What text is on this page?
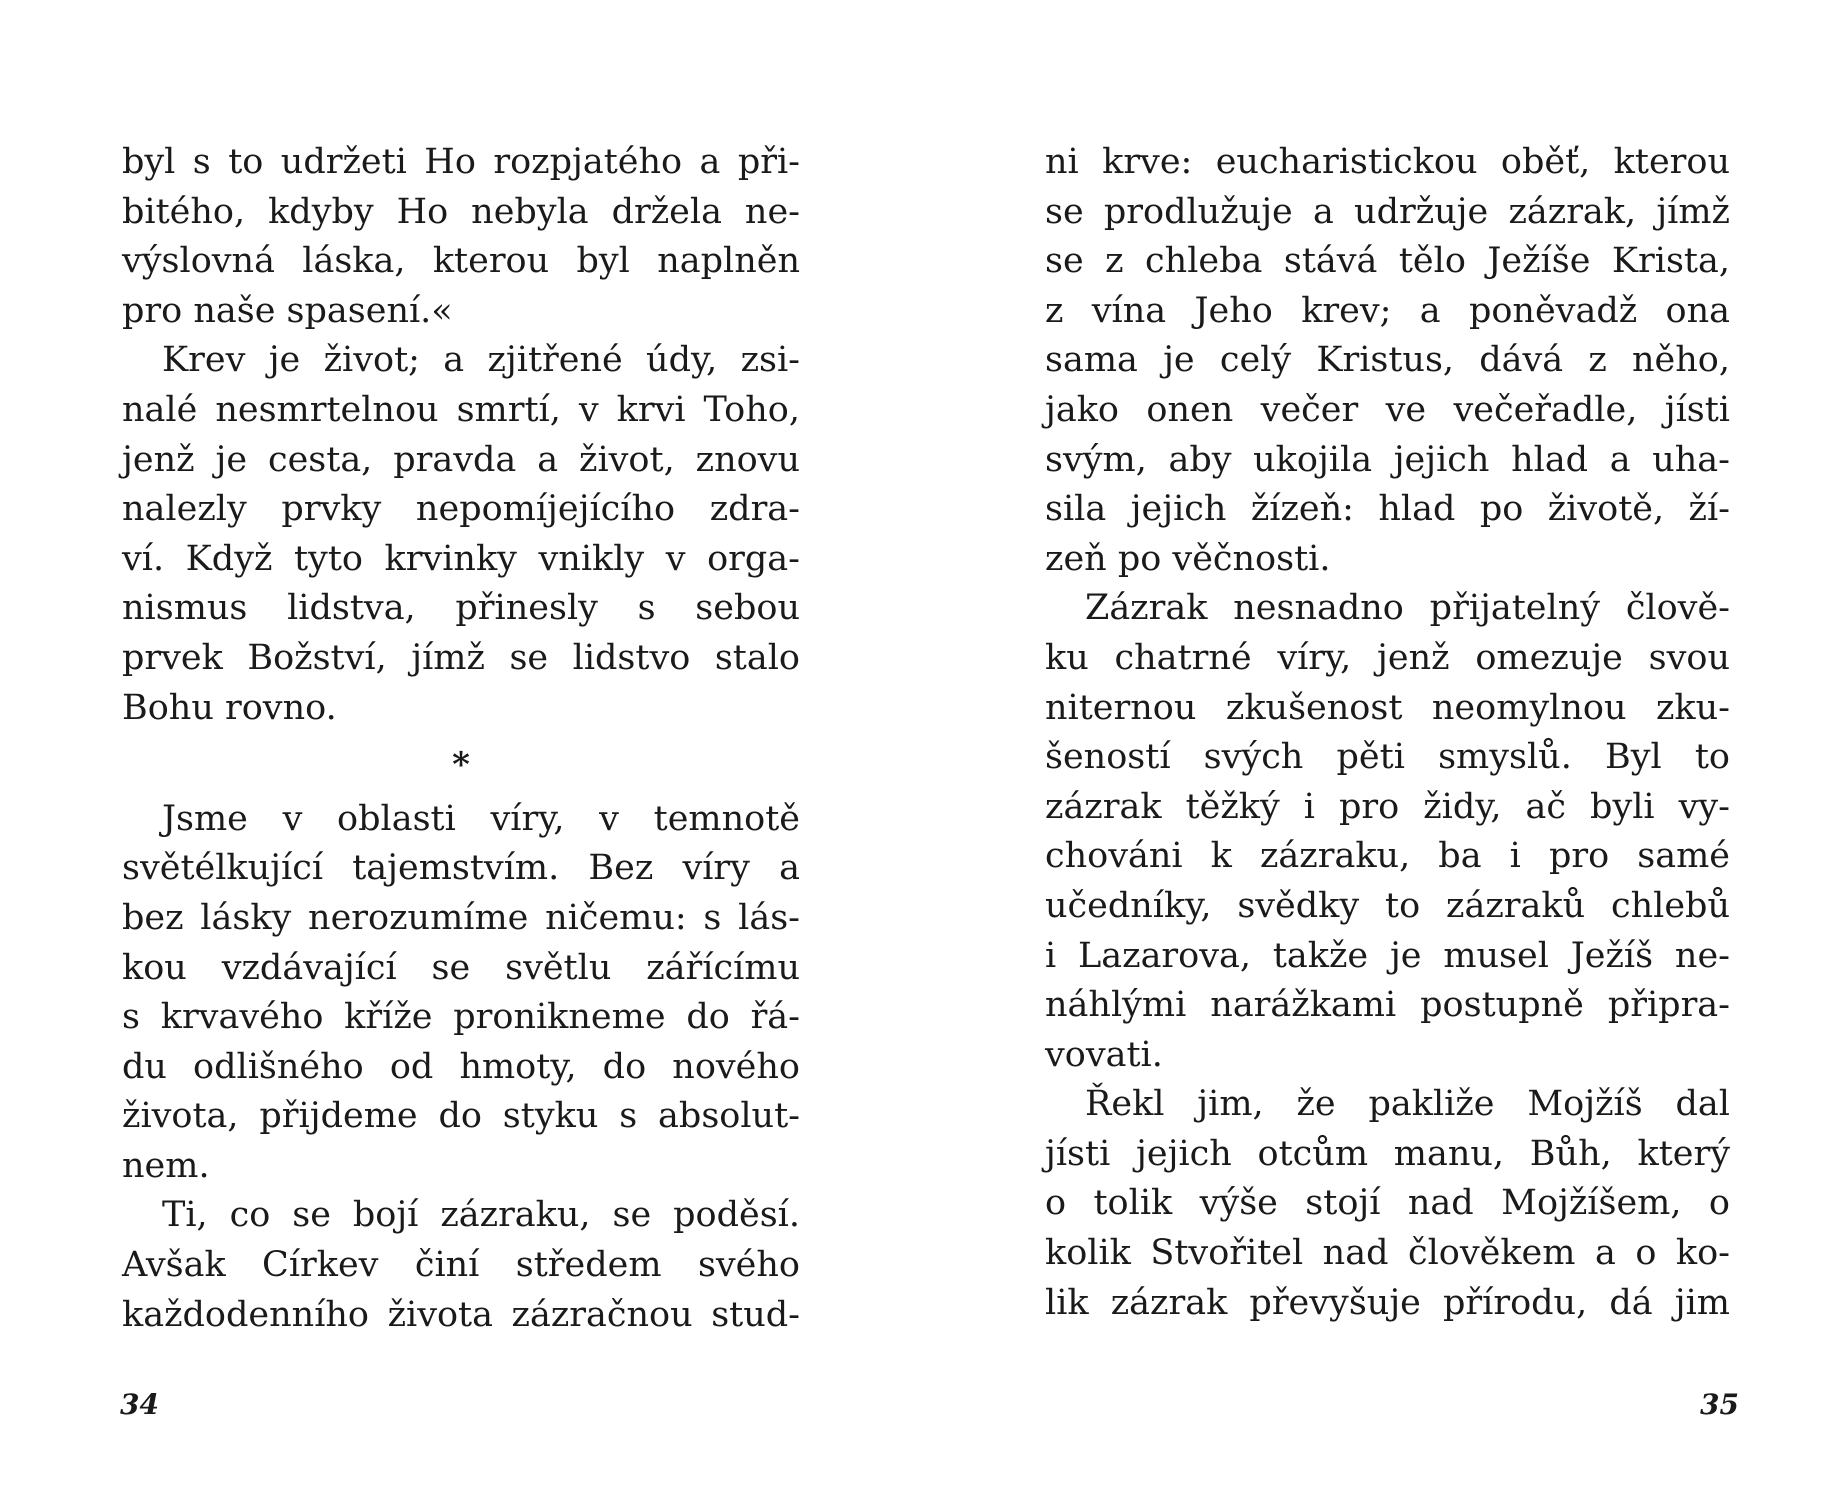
byl s to udržeti Ho rozpjatého a při-
bitého, kdyby Ho nebyla držela ne-
výslovná láska, kterou byl naplněn
pro naše spasení.«
Krev je život; a zjitřené údy, zsi-
nalé nesmrtelnou smrtí, v krvi Toho,
jenž je cesta, pravda a život, znovu
nalezly prvky nepomíjejícího zdra-
ví. Když tyto krvinky vnikly v orga-
nismus lidstva, přinesly s sebou
prvek Božství, jímž se lidstvo stalo
Bohu rovno.
*
Jsme v oblasti víry, v temnotě
světélkující tajemstvím. Bez víry a
bez lásky nerozumíme ničemu: s lás-
kou vzdávající se světlu zářícímu
s krvavého kříže pronikneme do řá-
du odlišného od hmoty, do nového
života, přijdeme do styku s absolut-
nem.
Ti, co se bojí zázraku, se poděsí.
Avšak Církev činí středem svého
každodenního života zázračnou stud-
34
ni krve: eucharistickou oběť, kterou
se prodlužuje a udržuje zázrak, jímž
se z chleba stává tělo Ježíše Krista,
z vína Jeho krev; a poněvadž ona
sama je celý Kristus, dává z něho,
jako onen večer ve večeřadle, jísti
svým, aby ukojila jejich hlad a uha-
sila jejich žízeň: hlad po životě, ží-
zeň po věčnosti.
Zázrak nesnadno přijatelný člově-
ku chatrné víry, jenž omezuje svou
niternou zkušenost neomylnou zku-
šeností svých pěti smyslů. Byl to
zázrak těžký i pro židy, ač byli vy-
chováni k zázraku, ba i pro samé
učedníky, svědky to zázraků chlebů
i Lazarova, takže je musel Ježíš ne-
náhlými narážkami postupně připra-
vovati.
Řekl jim, že pakliže Mojžíš dal
jísti jejich otcům manu, Bůh, který
o tolik výše stojí nad Mojžíšem, o
kolik Stvořitel nad člověkem a o ko-
lik zázrak převyšuje přírodu, dá jim
35
